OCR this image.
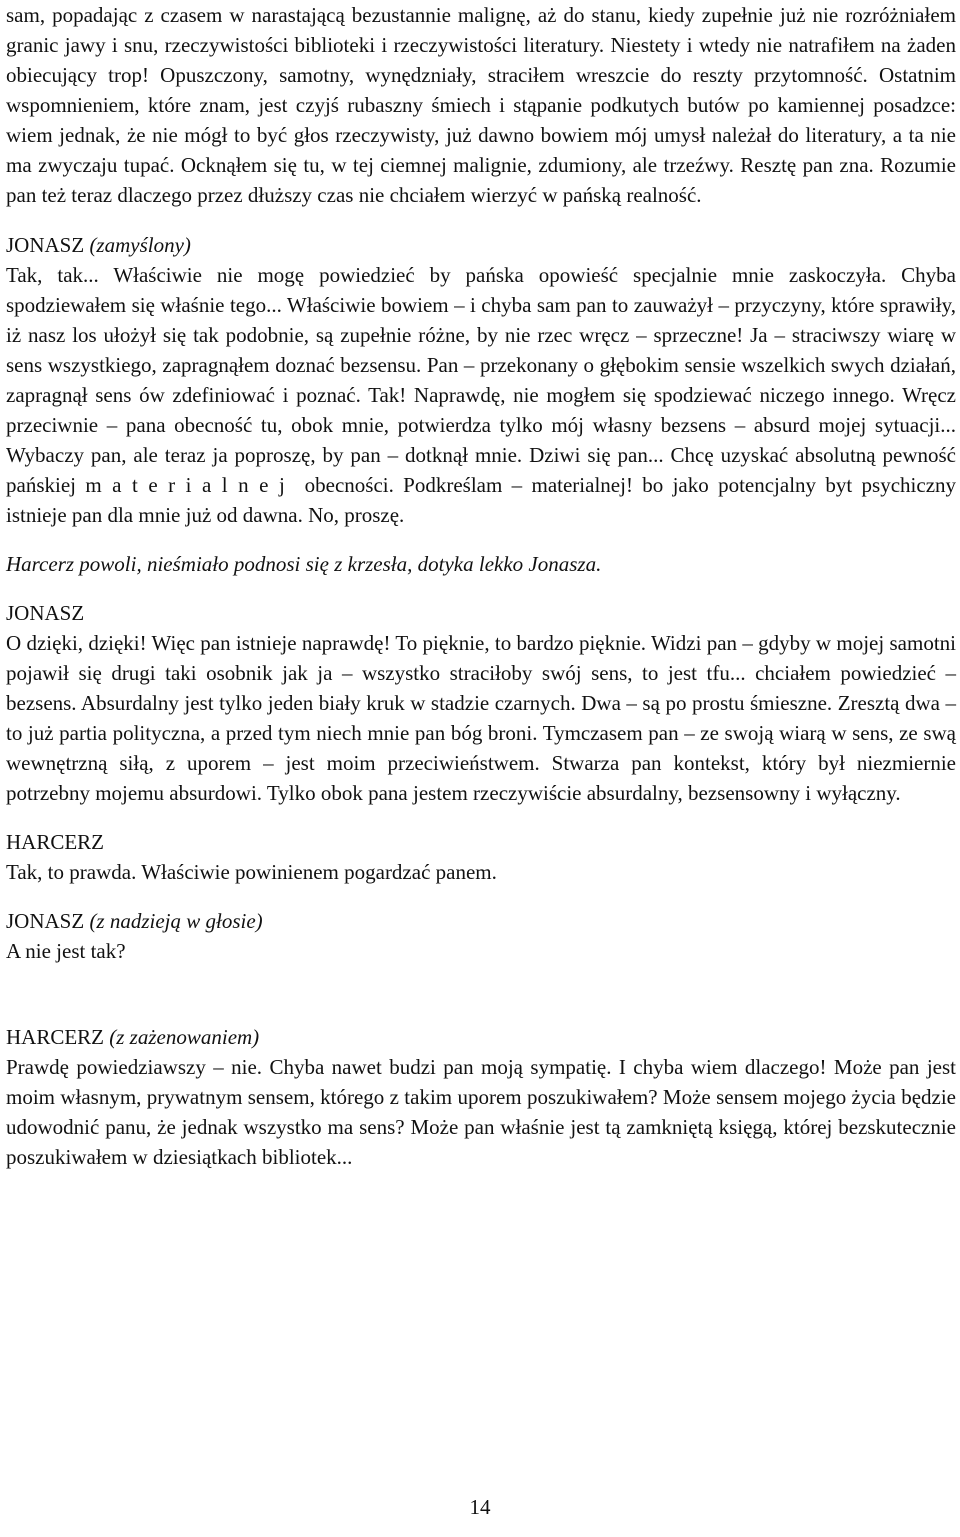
sam, popadając z czasem w narastającą bezustannie malignę, aż do stanu, kiedy zupełnie już nie rozróżniałem granic jawy i snu, rzeczywistości biblioteki i rzeczywistości literatury. Niestety i wtedy nie natrafiłem na żaden obiecujący trop! Opuszczony, samotny, wynędzniały, straciłem wreszcie do reszty przytomność. Ostatnim wspomnieniem, które znam, jest czyjś rubaszny śmiech i stąpanie podkutych butów po kamiennej posadzce: wiem jednak, że nie mógł to być głos rzeczywisty, już dawno bowiem mój umysł należał do literatury, a ta nie ma zwyczaju tupać. Ocknąłem się tu, w tej ciemnej malignie, zdumiony, ale trzeźwy. Resztę pan zna. Rozumie pan też teraz dlaczego przez dłuższy czas nie chciałem wierzyć w pańską realność.

JONASZ (zamyślony)

Tak, tak... Właściwie nie mogę powiedzieć by pańska opowieść specjalnie mnie zaskoczyła. Chyba spodziewałem się właśnie tego... Właściwie bowiem – i chyba sam pan to zauważył – przyczyny, które sprawiły, iż nasz los ułożył się tak podobnie, są zupełnie różne, by nie rzec wręcz – sprzeczne! Ja – straciwszy wiarę w sens wszystkiego, zapragnąłem doznać bezsensu. Pan – przekonany o głębokim sensie wszelkich swych działań, zapragnął sens ów zdefiniować i poznać. Tak! Naprawdę, nie mogłem się spodziewać niczego innego. Wręcz przeciwnie – pana obecność tu, obok mnie, potwierdza tylko mój własny bezsens – absurd mojej sytuacji... Wybaczy pan, ale teraz ja poproszę, by pan – dotknął mnie. Dziwi się pan... Chcę uzyskać absolutną pewność pańskiej materialnej obecności. Podkreślam – materialnej! bo jako potencjalny byt psychiczny istnieje pan dla mnie już od dawna. No, proszę.

Harcerz powoli, nieśmiało podnosi się z krzesła, dotyka lekko Jonasza.

JONASZ

O dzięki, dzięki! Więc pan istnieje naprawdę! To pięknie, to bardzo pięknie. Widzi pan – gdyby w mojej samotni pojawił się drugi taki osobnik jak ja – wszystko straciłoby swój sens, to jest tfu... chciałem powiedzieć – bezsens. Absurdalny jest tylko jeden biały kruk w stadzie czarnych. Dwa – są po prostu śmieszne. Zresztą dwa – to już partia polityczna, a przed tym niech mnie pan bóg broni. Tymczasem pan – ze swoją wiarą w sens, ze swą wewnętrzną siłą, z uporem – jest moim przeciwieństwem. Stwarza pan kontekst, który był niezmiernie potrzebny mojemu absurdowi. Tylko obok pana jestem rzeczywiście absurdalny, bezsensowny i wyłączny.

HARCERZ

Tak, to prawda. Właściwie powinienem pogardzać panem.

JONASZ (z nadzieją w głosie)

A nie jest tak?

HARCERZ (z zażenowaniem)

Prawdę powiedziawszy – nie. Chyba nawet budzi pan moją sympatię. I chyba wiem dlaczego! Może pan jest moim własnym, prywatnym sensem, którego z takim uporem poszukiwałem? Może sensem mojego życia będzie udowodnić panu, że jednak wszystko ma sens? Może pan właśnie jest tą zamkniętą księgą, której bezskutecznie poszukiwałem w dziesiątkach bibliotek...

14
